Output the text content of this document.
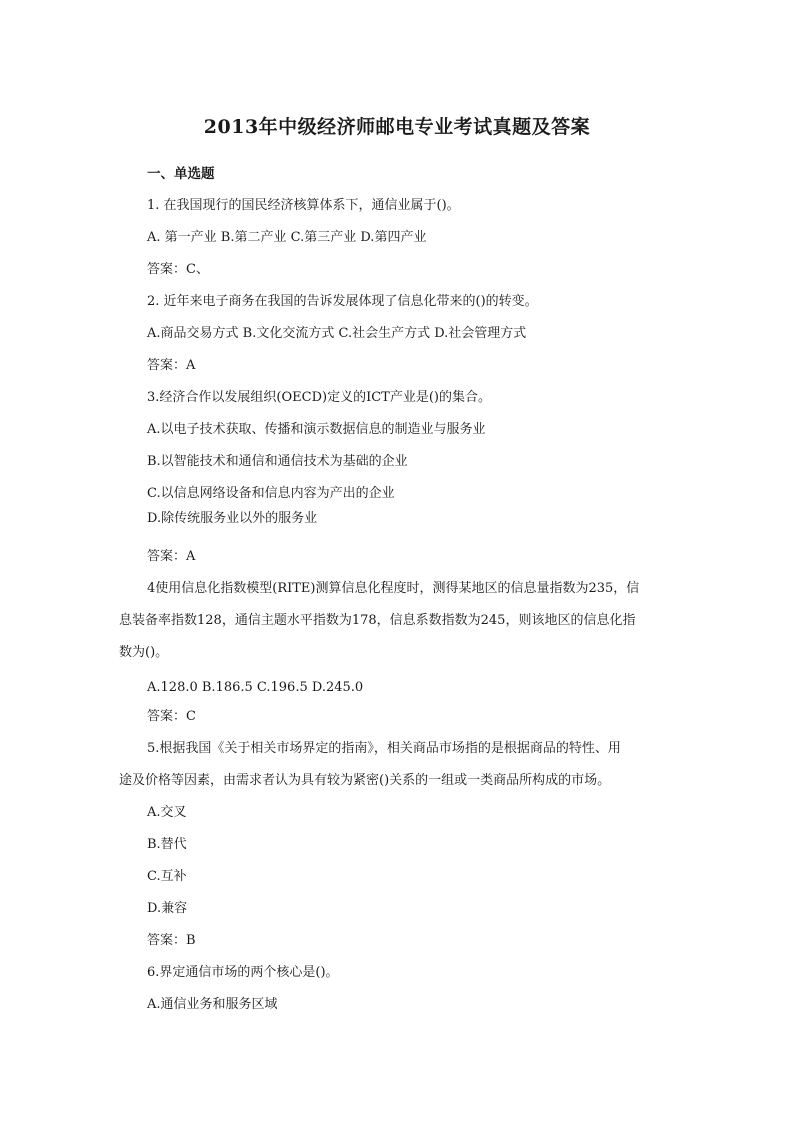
2013年中级经济师邮电专业考试真题及答案
一、单选题
1. 在我国现行的国民经济核算体系下，通信业属于()。
A. 第一产业 B.第二产业 C.第三产业 D.第四产业
答案：C、
2. 近年来电子商务在我国的告诉发展体现了信息化带来的()的转变。
A.商品交易方式 B.文化交流方式 C.社会生产方式 D.社会管理方式
答案：A
3.经济合作以发展组织(OECD)定义的ICT产业是()的集合。
A.以电子技术获取、传播和演示数据信息的制造业与服务业
B.以智能技术和通信和通信技术为基础的企业
C.以信息网络设备和信息内容为产出的企业
D.除传统服务业以外的服务业
答案：A
4使用信息化指数模型(RITE)测算信息化程度时，测得某地区的信息量指数为235，信
息装备率指数128，通信主题水平指数为178，信息系数指数为245，则该地区的信息化指
数为()。
A.128.0 B.186.5 C.196.5 D.245.0
答案：C
5.根据我国《关于相关市场界定的指南》，相关商品市场指的是根据商品的特性、用
途及价格等因素，由需求者认为具有较为紧密()关系的一组或一类商品所构成的市场。
A.交叉
B.替代
C.互补
D.兼容
答案：B
6.界定通信市场的两个核心是()。
A.通信业务和服务区域
